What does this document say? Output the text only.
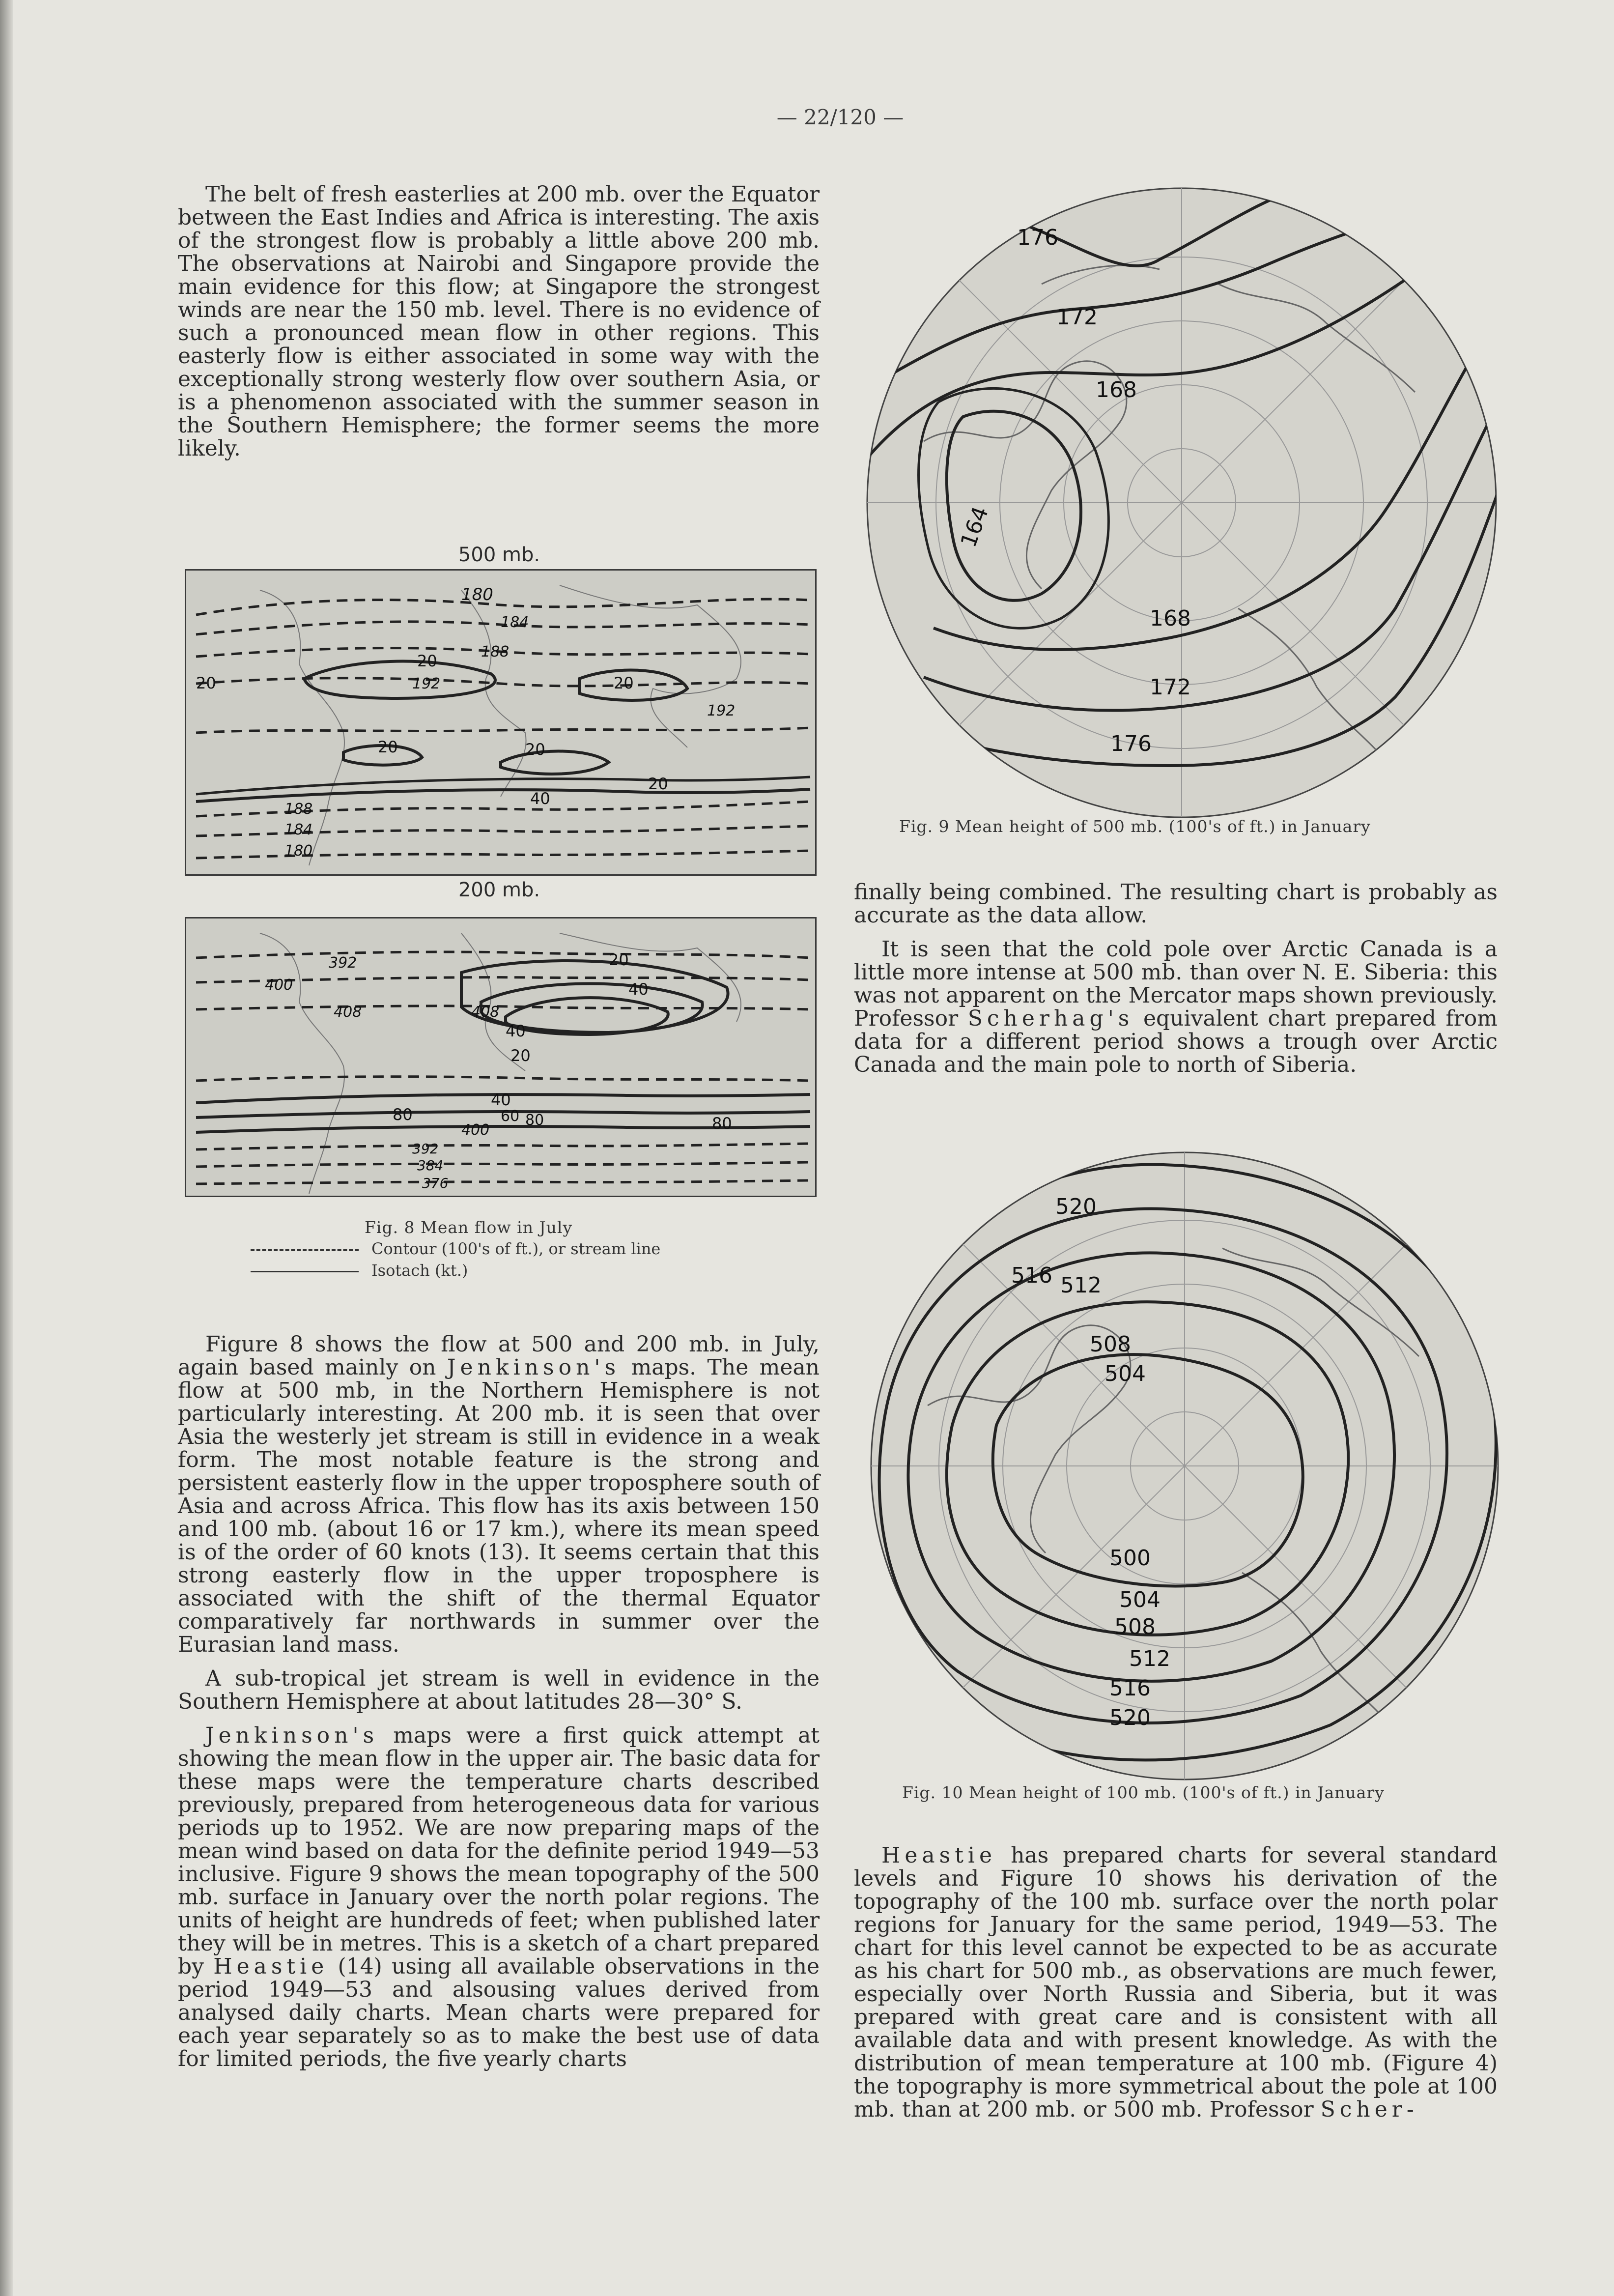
— 22/120 —

The belt of fresh easterlies at 200 mb. over the Equator between the East Indies and Africa is interesting. The axis of the strongest flow is probably a little above 200 mb. The observations at Nairobi and Singapore provide the main evidence for this flow; at Singapore the strongest winds are near the 150 mb. level. There is no evidence of such a pronounced mean flow in other regions. This easterly flow is either associated in some way with the exceptionally strong westerly flow over southern Asia, or is a phenomenon associated with the summer season in the Southern Hemisphere; the former seems the more likely.

180
184
188
192
20
20
20	20
20
192
188
184
180
40
20
500 mb.
200 mb.
392
400
408	408
20
40
40
20
40
80
400
60 80	80
392
384
376
Fig. 8 Mean flow in July
Contour (100's of ft.), or stream line
Isotach (kt.)
176
172
168
164
168
172
176
Fig. 9 Mean height of 500 mb. (100's of ft.) in January

finally being combined. The resulting chart is probably as accurate as the data allow.

It is seen that the cold pole over Arctic Canada is a little more intense at 500 mb. than over N. E. Siberia: this was not apparent on the Mercator maps shown previously. Professor Scherhag's equivalent chart prepared from data for a different period shows a trough over Arctic Canada and the main pole to north of Siberia.

520
516 512
508
504
500
504
508
512
516
520
Fig. 10 Mean height of 100 mb. (100's of ft.) in January

Figure 8 shows the flow at 500 and 200 mb. in July, again based mainly on Jenkinson's maps. The mean flow at 500 mb, in the Northern Hemisphere is not particularly interesting. At 200 mb. it is seen that over Asia the westerly jet stream is still in evidence in a weak form. The most notable feature is the strong and persistent easterly flow in the upper troposphere south of Asia and across Africa. This flow has its axis between 150 and 100 mb. (about 16 or 17 km.), where its mean speed is of the order of 60 knots (13). It seems certain that this strong easterly flow in the upper troposphere is associated with the shift of the thermal Equator comparatively far northwards in summer over the Eurasian land mass.

A sub-tropical jet stream is well in evidence in the Southern Hemisphere at about latitudes 28—30° S.

Jenkinson's maps were a first quick attempt at showing the mean flow in the upper air. The basic data for these maps were the temperature charts described previously, prepared from heterogeneous data for various periods up to 1952. We are now preparing maps of the mean wind based on data for the definite period 1949—53 inclusive. Figure 9 shows the mean topography of the 500 mb. surface in January over the north polar regions. The units of height are hundreds of feet; when published later they will be in metres. This is a sketch of a chart prepared by Heastie (14) using all available observations in the period 1949—53 and alsousing values derived from analysed daily charts. Mean charts were prepared for each year separately so as to make the best use of data for limited periods, the five yearly charts

Heastie has prepared charts for several standard levels and Figure 10 shows his derivation of the topography of the 100 mb. surface over the north polar regions for January for the same period, 1949—53. The chart for this level cannot be expected to be as accurate as his chart for 500 mb., as observations are much fewer, especially over North Russia and Siberia, but it was prepared with great care and is consistent with all available data and with present knowledge. As with the distribution of mean temperature at 100 mb. (Figure 4) the topography is more symmetrical about the pole at 100 mb. than at 200 mb. or 500 mb. Professor Scher-
